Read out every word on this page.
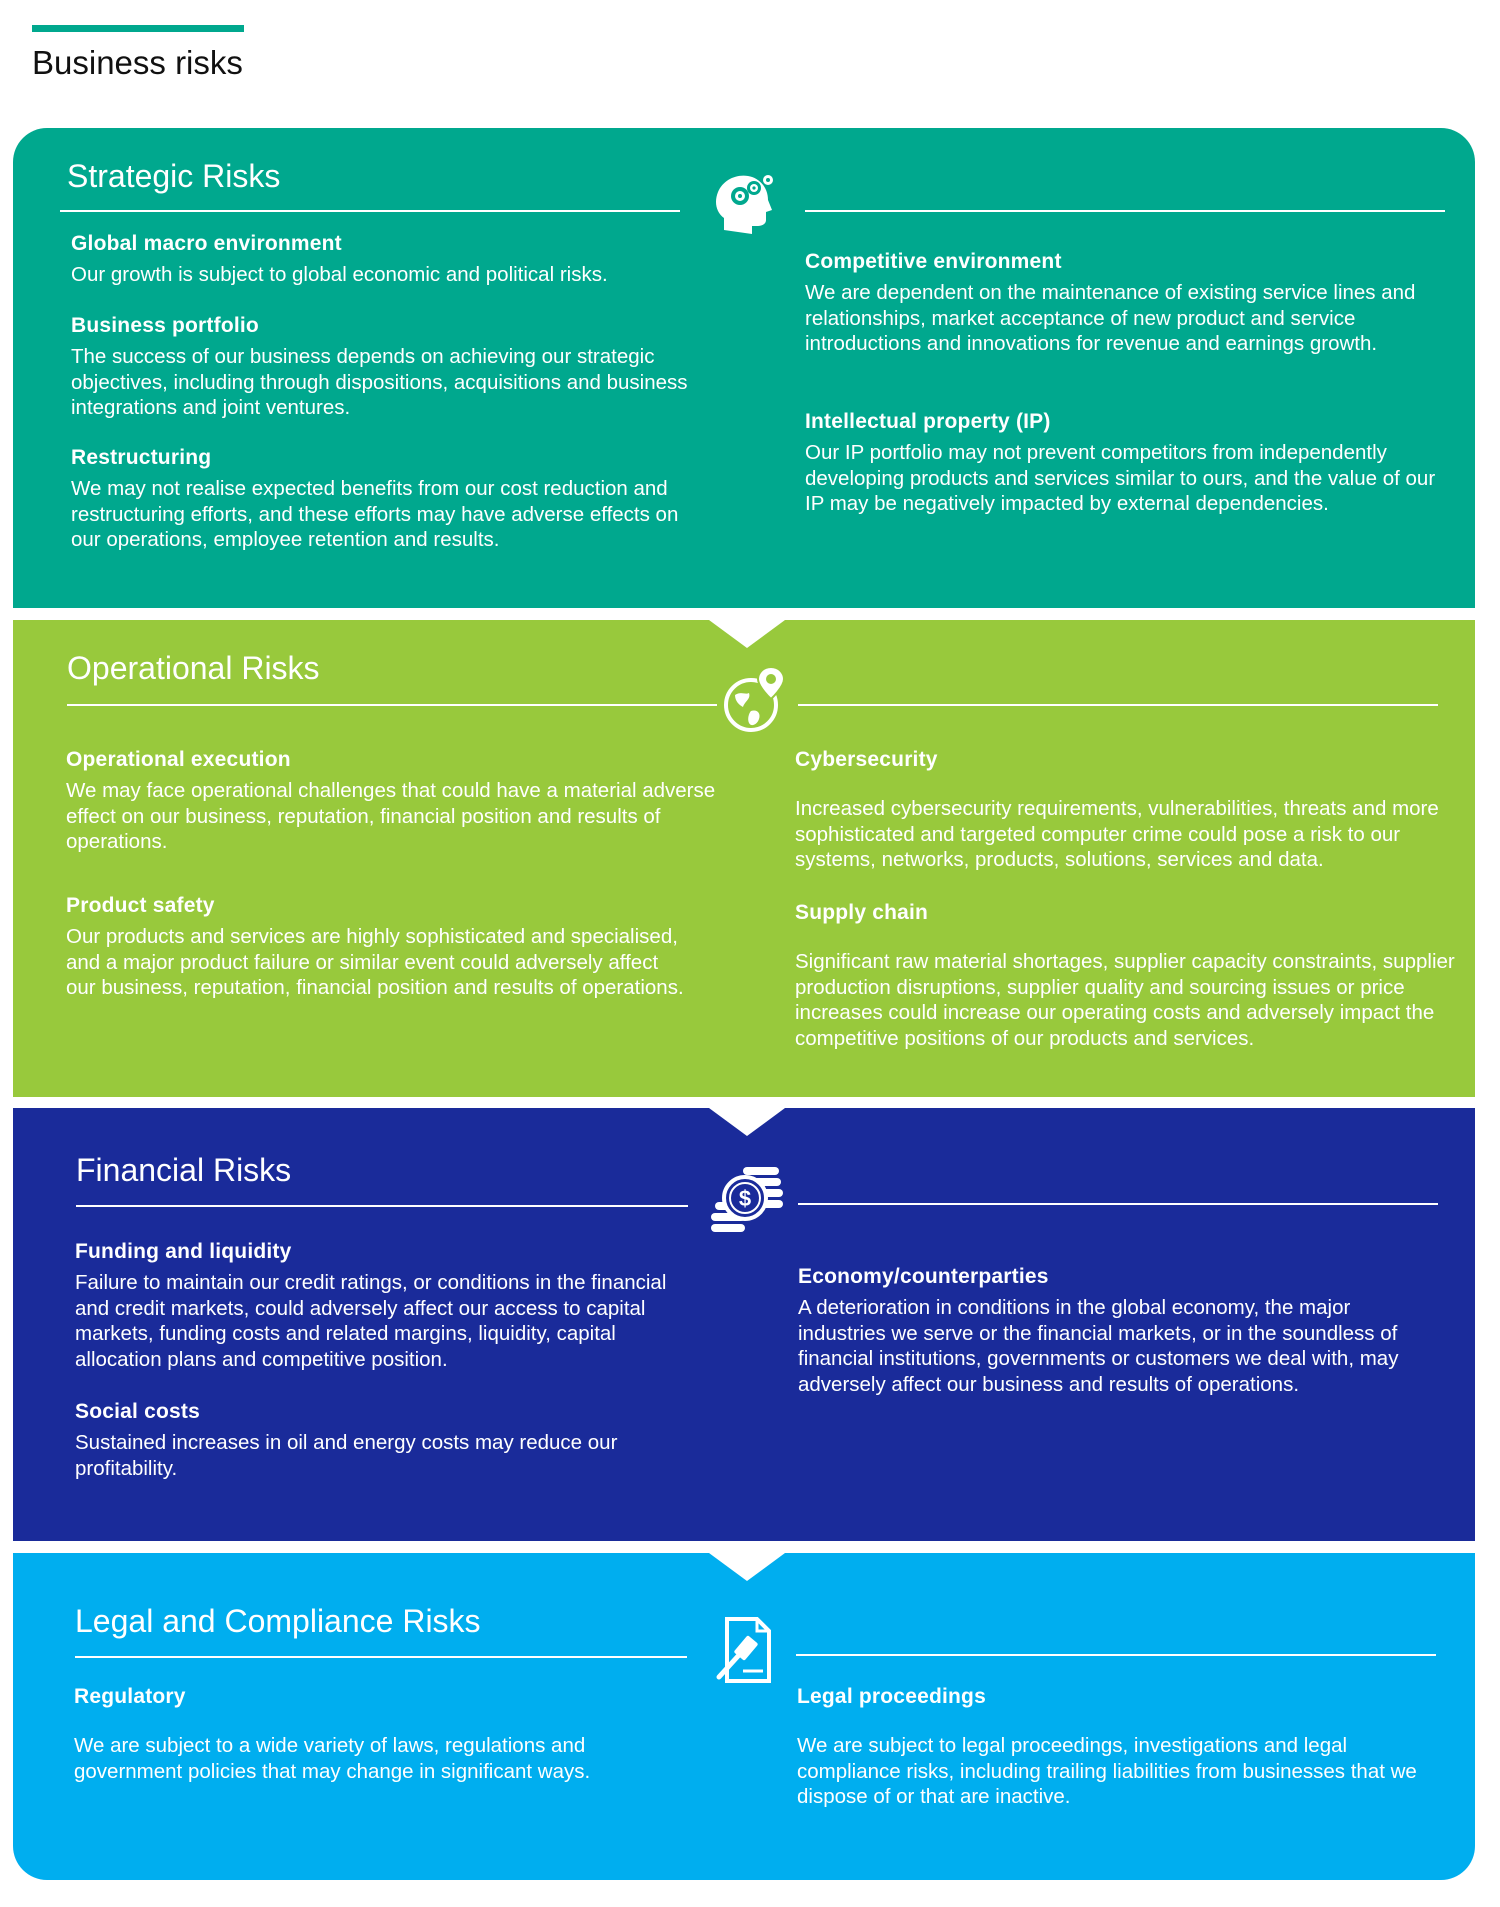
Business risks
Strategic Risks
Global macro environment

Our growth is subject to global economic and political risks.

Business portfolio

The success of our business depends on achieving our strategic objectives, including through dispositions, acquisitions and business integrations and joint ventures.

Restructuring

We may not realise expected benefits from our cost reduction and restructuring efforts, and these efforts may have adverse effects on our operations, employee retention and results.

Competitive environment

We are dependent on the maintenance of existing service lines and relationships, market acceptance of new product and service introductions and innovations for revenue and earnings growth.

Intellectual property (IP)

Our IP portfolio may not prevent competitors from independently developing products and services similar to ours, and the value of our IP may be negatively impacted by external dependencies.

Operational Risks
Operational execution

We may face operational challenges that could have a material adverse effect on our business, reputation, financial position and results of operations.

Product safety

Our products and services are highly sophisticated and specialised, and a major product failure or similar event could adversely affect our business, reputation, financial position and results of operations.

Cybersecurity

Increased cybersecurity requirements, vulnerabilities, threats and more sophisticated and targeted computer crime could pose a risk to our systems, networks, products, solutions, services and data.

Supply chain

Significant raw material shortages, supplier capacity constraints, supplier production disruptions, supplier quality and sourcing issues or price increases could increase our operating costs and adversely impact the competitive positions of our products and services.

Financial Risks
$
Funding and liquidity

Failure to maintain our credit ratings, or conditions in the financial and credit markets, could adversely affect our access to capital markets, funding costs and related margins, liquidity, capital allocation plans and competitive position.

Social costs

Sustained increases in oil and energy costs may reduce our profitability.

Economy/counterparties

A deterioration in conditions in the global economy, the major industries we serve or the financial markets, or in the soundless of financial institutions, governments or customers we deal with, may adversely affect our business and results of operations.

Legal and Compliance Risks
Regulatory

We are subject to a wide variety of laws, regulations and government policies that may change in significant ways.

Legal proceedings

We are subject to legal proceedings, investigations and legal compliance risks, including trailing liabilities from businesses that we dispose of or that are inactive.
